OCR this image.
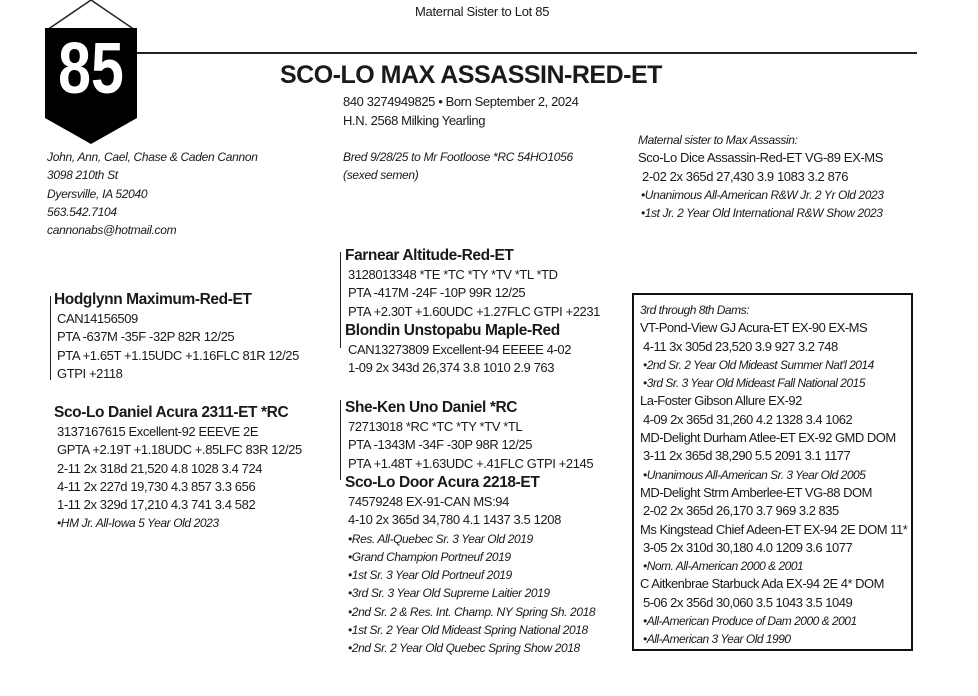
Maternal Sister to Lot 85
85	SCO-LO MAX ASSASSIN-RED-ET
840 3274949825 • Born September 2, 2024
H.N. 2568 Milking Yearling
John, Ann, Cael, Chase & Caden Cannon
3098 210th St
Dyersville, IA 52040
563.542.7104
cannonabs@hotmail.com
Bred 9/28/25 to Mr Footloose *RC 54HO1056
(sexed semen)
Maternal sister to Max Assassin:
Sco-Lo Dice Assassin-Red-ET VG-89 EX-MS
2-02 2x 365d 27,430 3.9 1083 3.2 876
•Unanimous All-American R&W Jr. 2 Yr Old 2023
•1st Jr. 2 Year Old International R&W Show 2023
Hodglynn Maximum-Red-ET
CAN14156509
PTA -637M -35F -32P 82R 12/25
PTA +1.65T +1.15UDC +1.16FLC 81R 12/25
GTPI +2118
Farnear Altitude-Red-ET
3128013348 *TE *TC *TY *TV *TL *TD
PTA -417M -24F -10P 99R 12/25
PTA +2.30T +1.60UDC +1.27FLC GTPI +2231
Blondin Unstopabu Maple-Red
CAN13273809 Excellent-94 EEEEE 4-02
1-09 2x 343d 26,374 3.8 1010 2.9 763
Sco-Lo Daniel Acura 2311-ET *RC
3137167615 Excellent-92 EEEVE 2E
GPTA +2.19T +1.18UDC +.85LFC 83R 12/25
2-11 2x 318d 21,520 4.8 1028 3.4 724
4-11 2x 227d 19,730 4.3 857 3.3 656
1-11 2x 329d 17,210 4.3 741 3.4 582
•HM Jr. All-Iowa 5 Year Old 2023
She-Ken Uno Daniel *RC
72713018 *RC *TC *TY *TV *TL
PTA -1343M -34F -30P 98R 12/25
PTA +1.48T +1.63UDC +.41FLC GTPI +2145
Sco-Lo Door Acura 2218-ET
74579248 EX-91-CAN MS:94
4-10 2x 365d 34,780 4.1 1437 3.5 1208
•Res. All-Quebec Sr. 3 Year Old 2019
•Grand Champion Portneuf 2019
•1st Sr. 3 Year Old Portneuf 2019
•3rd Sr. 3 Year Old Supreme Laitier 2019
•2nd Sr. 2 & Res. Int. Champ. NY Spring Sh. 2018
•1st Sr. 2 Year Old Mideast Spring National 2018
•2nd Sr. 2 Year Old Quebec Spring Show 2018
3rd through 8th Dams:
VT-Pond-View GJ Acura-ET EX-90 EX-MS
4-11 3x 305d 23,520 3.9 927 3.2 748
•2nd Sr. 2 Year Old Mideast Summer Nat'l 2014
•3rd Sr. 3 Year Old Mideast Fall National 2015
La-Foster Gibson Allure EX-92
4-09 2x 365d 31,260 4.2 1328 3.4 1062
MD-Delight Durham Atlee-ET EX-92 GMD DOM
3-11 2x 365d 38,290 5.5 2091 3.1 1177
•Unanimous All-American Sr. 3 Year Old 2005
MD-Delight Strm Amberlee-ET VG-88 DOM
2-02 2x 365d 26,170 3.7 969 3.2 835
Ms Kingstead Chief Adeen-ET EX-94 2E DOM 11*
3-05 2x 310d 30,180 4.0 1209 3.6 1077
•Nom. All-American 2000 & 2001
C Aitkenbrae Starbuck Ada EX-94 2E 4* DOM
5-06 2x 356d 30,060 3.5 1043 3.5 1049
•All-American Produce of Dam 2000 & 2001
•All-American 3 Year Old 1990
